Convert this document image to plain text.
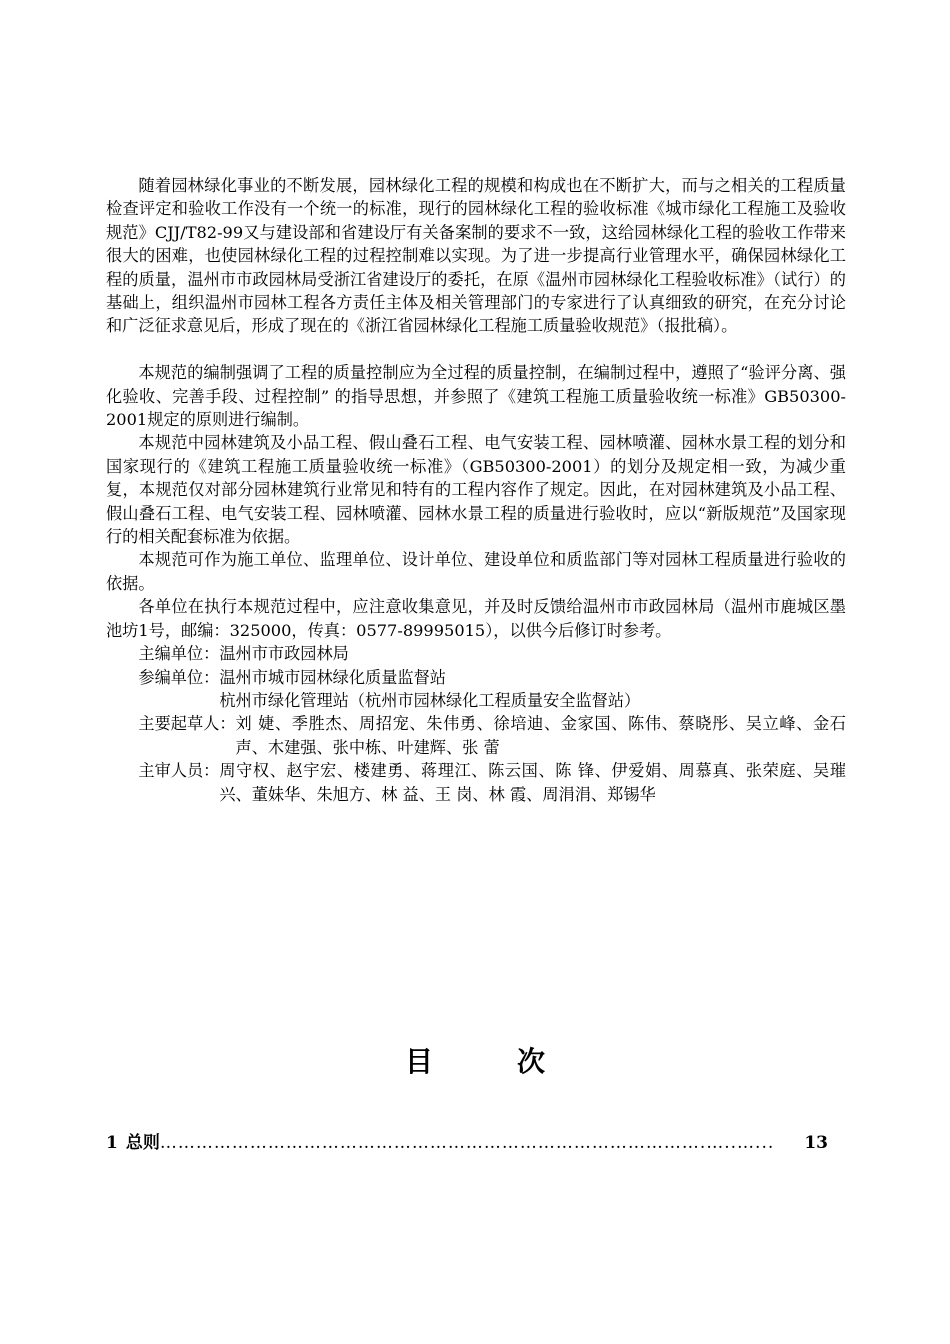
随着园林绿化事业的不断发展，园林绿化工程的规模和构成也在不断扩大，而与之相关的工程质量检查评定和验收工作没有一个统一的标准，现行的园林绿化工程的验收标准《城市绿化工程施工及验收规范》CJJ/T82-99又与建设部和省建设厅有关备案制的要求不一致，这给园林绿化工程的验收工作带来很大的困难，也使园林绿化工程的过程控制难以实现。为了进一步提高行业管理水平，确保园林绿化工程的质量，温州市市政园林局受浙江省建设厅的委托，在原《温州市园林绿化工程验收标准》（试行）的基础上，组织温州市园林工程各方责任主体及相关管理部门的专家进行了认真细致的研究，在充分讨论和广泛征求意见后，形成了现在的《浙江省园林绿化工程施工质量验收规范》（报批稿）。

本规范的编制强调了工程的质量控制应为全过程的质量控制，在编制过程中，遵照了“验评分离、强化验收、完善手段、过程控制” 的指导思想，并参照了《建筑工程施工质量验收统一标准》GB50300-2001规定的原则进行编制。

本规范中园林建筑及小品工程、假山叠石工程、电气安装工程、园林喷灌、园林水景工程的划分和国家现行的《建筑工程施工质量验收统一标准》（GB50300-2001）的划分及规定相一致，为减少重复，本规范仅对部分园林建筑行业常见和特有的工程内容作了规定。因此，在对园林建筑及小品工程、假山叠石工程、电气安装工程、园林喷灌、园林水景工程的质量进行验收时，应以“新版规范”及国家现行的相关配套标准为依据。

本规范可作为施工单位、监理单位、设计单位、建设单位和质监部门等对园林工程质量进行验收的依据。

各单位在执行本规范过程中，应注意收集意见，并及时反馈给温州市市政园林局（温州市鹿城区墨池坊1号，邮编：325000，传真：0577-89995015），以供今后修订时参考。

主编单位： 温州市市政园林局
参编单位： 温州市城市园林绿化质量监督站
杭州市绿化管理站（杭州市园林绿化工程质量安全监督站）
主要起草人： 刘 婕、季胜杰、周招宠、朱伟勇、徐培迪、金家国、陈伟、蔡晓彤、吴立峰、金石声、木建强、张中栋、叶建辉、张 蕾
主审人员： 周守权、赵宇宏、楼建勇、蒋理江、陈云国、陈 锋、伊爱娟、周慕真、张荣庭、吴璀兴、董妹华、朱旭方、林 益、王 岗、林 霞、周涓涓、郑锡华
目	次
1 总则 ……………………………………………………………………………….…..…...	13
